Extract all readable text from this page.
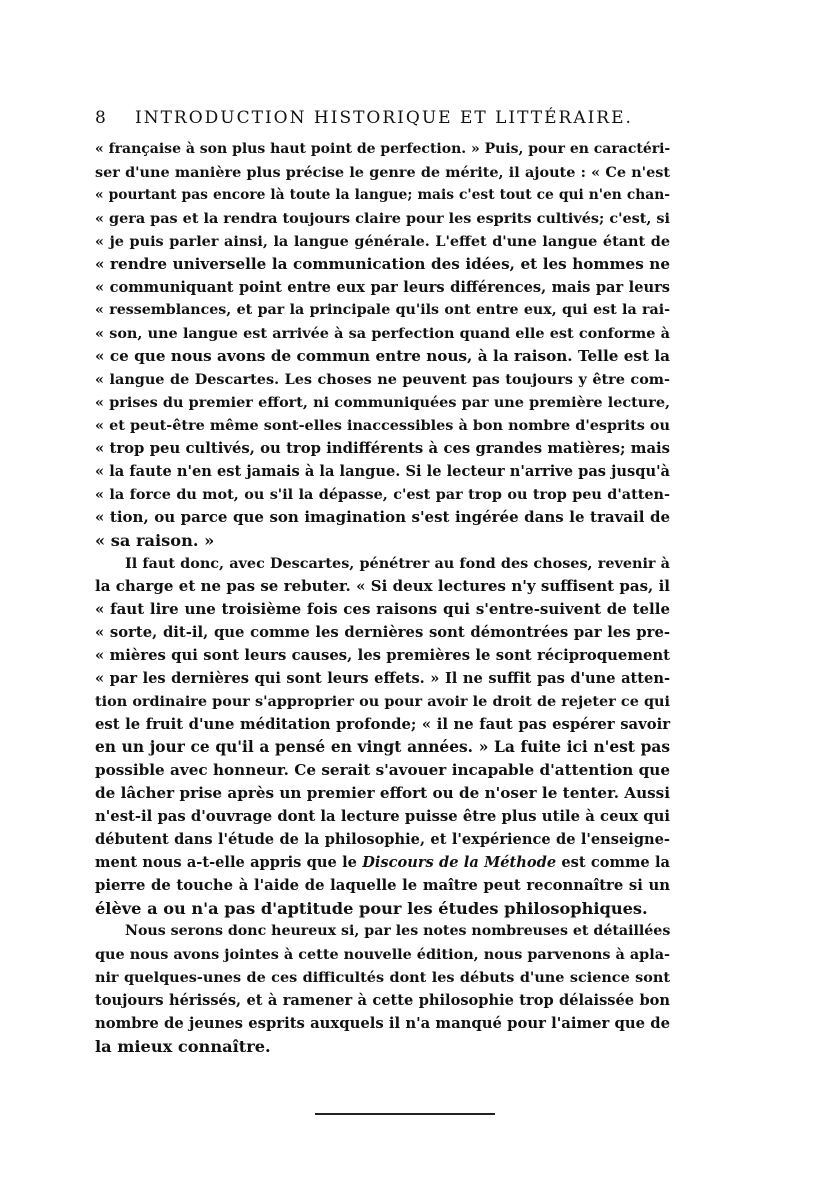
8	INTRODUCTION HISTORIQUE ET LITTÉRAIRE.
« française à son plus haut point de perfection. » Puis, pour en caractéri-
ser d'une manière plus précise le genre de mérite, il ajoute : « Ce n'est
« pourtant pas encore là toute la langue; mais c'est tout ce qui n'en chan-
« gera pas et la rendra toujours claire pour les esprits cultivés; c'est, si
« je puis parler ainsi, la langue générale. L'effet d'une langue étant de
« rendre universelle la communication des idées, et les hommes ne
« communiquant point entre eux par leurs différences, mais par leurs
« ressemblances, et par la principale qu'ils ont entre eux, qui est la rai-
« son, une langue est arrivée à sa perfection quand elle est conforme à
« ce que nous avons de commun entre nous, à la raison. Telle est la
« langue de Descartes. Les choses ne peuvent pas toujours y être com-
« prises du premier effort, ni communiquées par une première lecture,
« et peut-être même sont-elles inaccessibles à bon nombre d'esprits ou
« trop peu cultivés, ou trop indifférents à ces grandes matières; mais
« la faute n'en est jamais à la langue. Si le lecteur n'arrive pas jusqu'à
« la force du mot, ou s'il la dépasse, c'est par trop ou trop peu d'atten-
« tion, ou parce que son imagination s'est ingérée dans le travail de
« sa raison. »
Il faut donc, avec Descartes, pénétrer au fond des choses, revenir à
la charge et ne pas se rebuter. « Si deux lectures n'y suffisent pas, il
« faut lire une troisième fois ces raisons qui s'entre-suivent de telle
« sorte, dit-il, que comme les dernières sont démontrées par les pre-
« mières qui sont leurs causes, les premières le sont réciproquement
« par les dernières qui sont leurs effets. » Il ne suffit pas d'une atten-
tion ordinaire pour s'approprier ou pour avoir le droit de rejeter ce qui
est le fruit d'une méditation profonde; « il ne faut pas espérer savoir
en un jour ce qu'il a pensé en vingt années. » La fuite ici n'est pas
possible avec honneur. Ce serait s'avouer incapable d'attention que
de lâcher prise après un premier effort ou de n'oser le tenter. Aussi
n'est-il pas d'ouvrage dont la lecture puisse être plus utile à ceux qui
débutent dans l'étude de la philosophie, et l'expérience de l'enseigne-
ment nous a-t-elle appris que le Discours de la Méthode est comme la
pierre de touche à l'aide de laquelle le maître peut reconnaître si un
élève a ou n'a pas d'aptitude pour les études philosophiques.
Nous serons donc heureux si, par les notes nombreuses et détaillées
que nous avons jointes à cette nouvelle édition, nous parvenons à apla-
nir quelques-unes de ces difficultés dont les débuts d'une science sont
toujours hérissés, et à ramener à cette philosophie trop délaissée bon
nombre de jeunes esprits auxquels il n'a manqué pour l'aimer que de
la mieux connaître.
